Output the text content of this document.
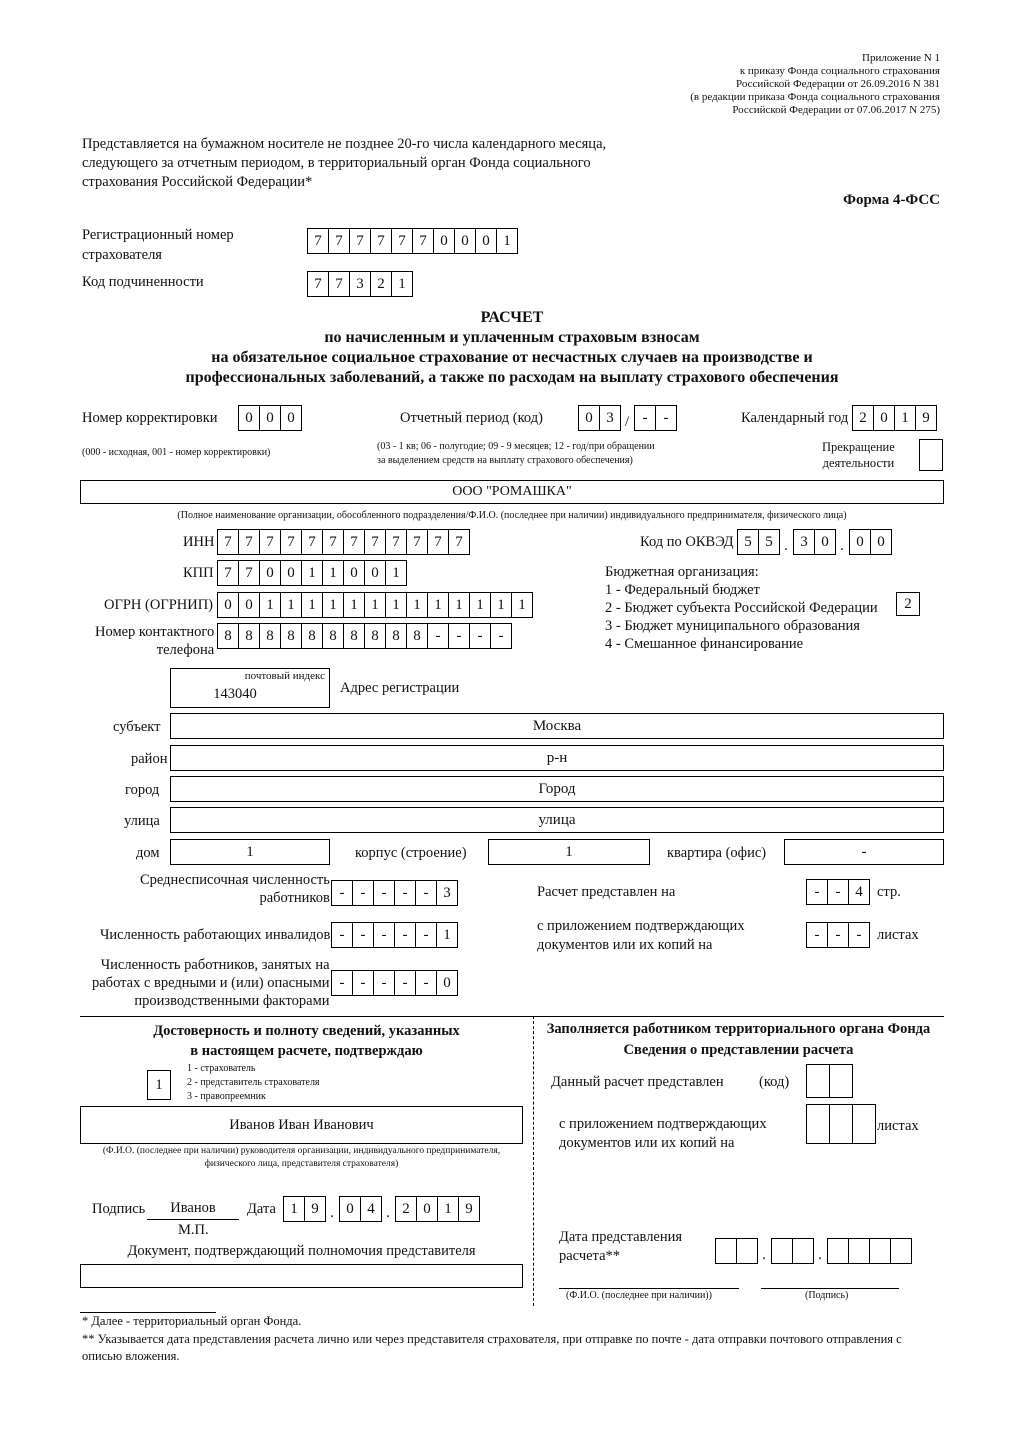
Приложение N 1
к приказу Фонда социального страхования
Российской Федерации от 26.09.2016 N 381
(в редакции приказа Фонда социального страхования
Российской Федерации от 07.06.2017 N 275)
Представляется на бумажном носителе не позднее 20-го числа календарного месяца,
следующего за отчетным периодом, в территориальный орган Фонда социального
страхования Российской Федерации*
Форма 4-ФСС
Регистрационный номер
страхователя
7 7 7 7 7 7 0 0 0 1
Код подчиненности	7 7 3 2 1
РАСЧЕТ
по начисленным и уплаченным страховым взносам
на обязательное социальное страхование от несчастных случаев на производстве и
профессиональных заболеваний, а также по расходам на выплату страхового обеспечения
Номер корректировки	0 0 0
(000 - исходная, 001 - номер корректировки)
Отчетный период (код)	0 3 / -	-
(03 - 1 кв; 06 - полугодие; 09 - 9 месяцев; 12 - год/при обращении
за выделением средств на выплату страхового обеспечения)
Календарный год 2 0 1 9
Прекращение
деятельности
ООО "РОМАШКА"
(Полное наименование организации, обособленного подразделения/Ф.И.О. (последнее при наличии) индивидуального предпринимателя, физического лица)
ИНН 7 7 7 7 7 7 7 7 7 7 7 7
КПП 7 7 0 0 1 1 0 0 1
ОГРН (ОГРНИП) 0 0 1 1 1 1 1 1 1 1 1 1 1 1 1
Номер контактного
телефона
8 8 8 8 8 8 8 8 8 8 -	-	-	-
Код по ОКВЭД 5 5 . 3 0 . 0 0
Бюджетная организация:
1 - Федеральный бюджет
2 - Бюджет субъекта Российской Федерации
3 - Бюджет муниципального образования
4 - Смешанное финансирование
2
почтовый индекс
143040	Адрес регистрации
субъект	Москва
район	р-н
город	Город
улица	улица
дом	1	корпус (строение)	1	квартира (офис)	-
Среднесписочная численность
работников -	-	-	-	- 3
Численность работающих инвалидов -	-	-	-	- 1
Численность работников, занятых на
работах с вредными и (или) опасными
производственными факторами
-	-	-	-	- 0
Расчет представлен на	-	- 4 стр.
с приложением подтверждающих
документов или их копий на
-	-	-	листах
Достоверность и полноту сведений, указанных
в настоящем расчете, подтверждаю
1
1 - страхователь
2 - представитель страхователя
3 - правопреемник
Иванов Иван Иванович
(Ф.И.О. (последнее при наличии) руководителя организации, индивидуального предпринимателя,
физического лица, представителя страхователя)
Подпись	Иванов
М.П.
Дата 1 9 . 0 4 . 2 0 1 9
Документ, подтверждающий полномочия представителя
Заполняется работником территориального органа Фонда
Сведения о представлении расчета
Данный расчет представлен (код)
с приложением подтверждающих
документов или их копий на
листах
Дата представления
расчета**	.	.
(Ф.И.О. (последнее при наличии))	(Подпись)
* Далее - территориальный орган Фонда.
** Указывается дата представления расчета лично или через представителя страхователя, при отправке по почте - дата отправки почтового отправления с
описью вложения.
